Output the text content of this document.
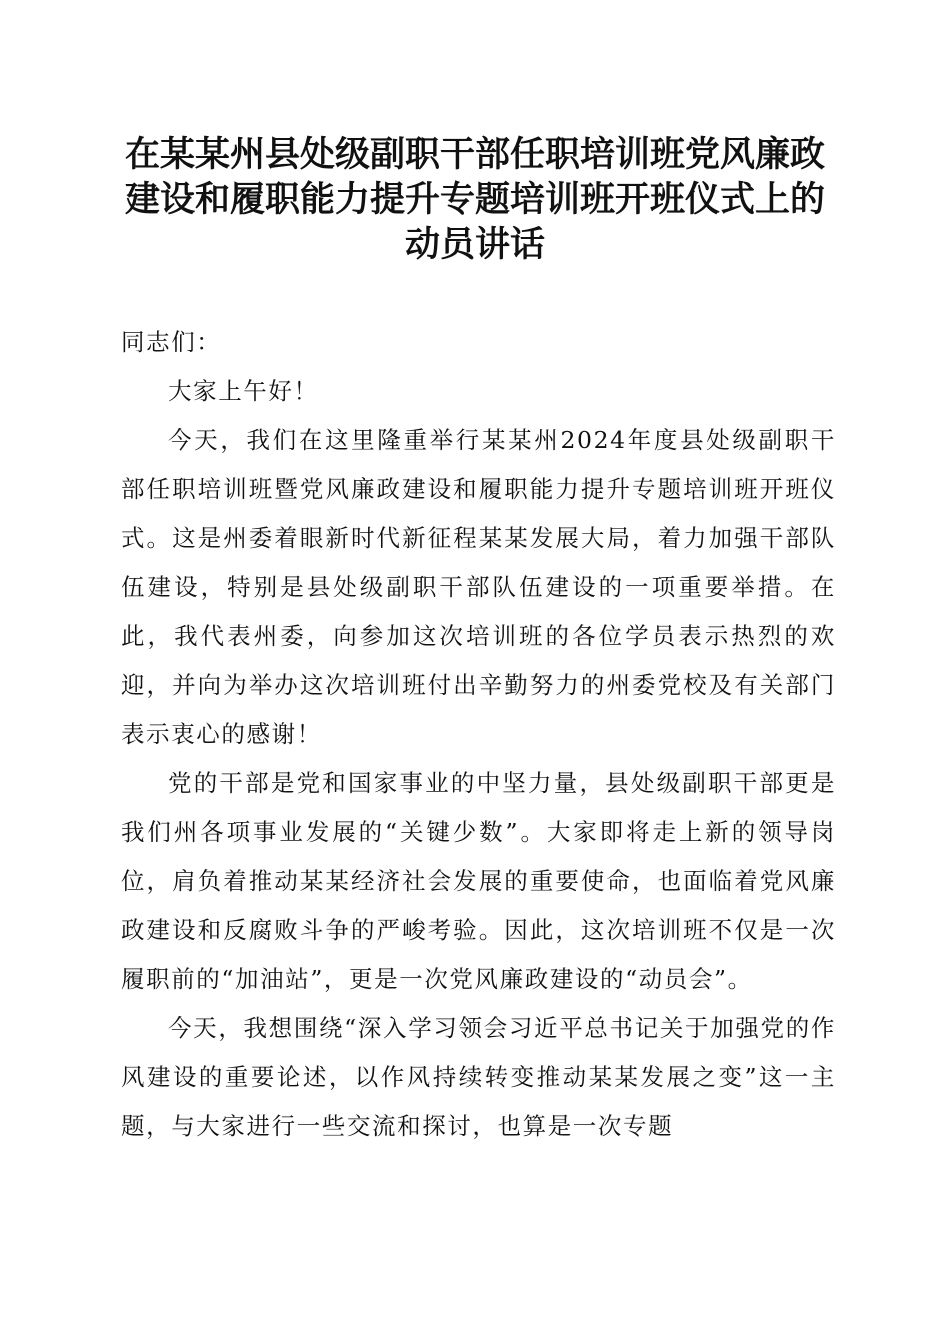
在某某州县处级副职干部任职培训班党风廉政
建设和履职能力提升专题培训班开班仪式上的
动员讲话

同志们：

大家上午好！

今天，我们在这里隆重举行某某州2024年度县处级副职干部任职培训班暨党风廉政建设和履职能力提升专题培训班开班仪式。这是州委着眼新时代新征程某某发展大局，着力加强干部队伍建设，特别是县处级副职干部队伍建设的一项重要举措。在此，我代表州委，向参加这次培训班的各位学员表示热烈的欢迎，并向为举办这次培训班付出辛勤努力的州委党校及有关部门表示衷心的感谢！

党的干部是党和国家事业的中坚力量，县处级副职干部更是我们州各项事业发展的“关键少数”。大家即将走上新的领导岗位，肩负着推动某某经济社会发展的重要使命，也面临着党风廉政建设和反腐败斗争的严峻考验。因此，这次培训班不仅是一次履职前的“加油站”，更是一次党风廉政建设的“动员会”。

今天，我想围绕“深入学习领会习近平总书记关于加强党的作风建设的重要论述，以作风持续转变推动某某发展之变”这一主题，与大家进行一些交流和探讨，也算是一次专题
